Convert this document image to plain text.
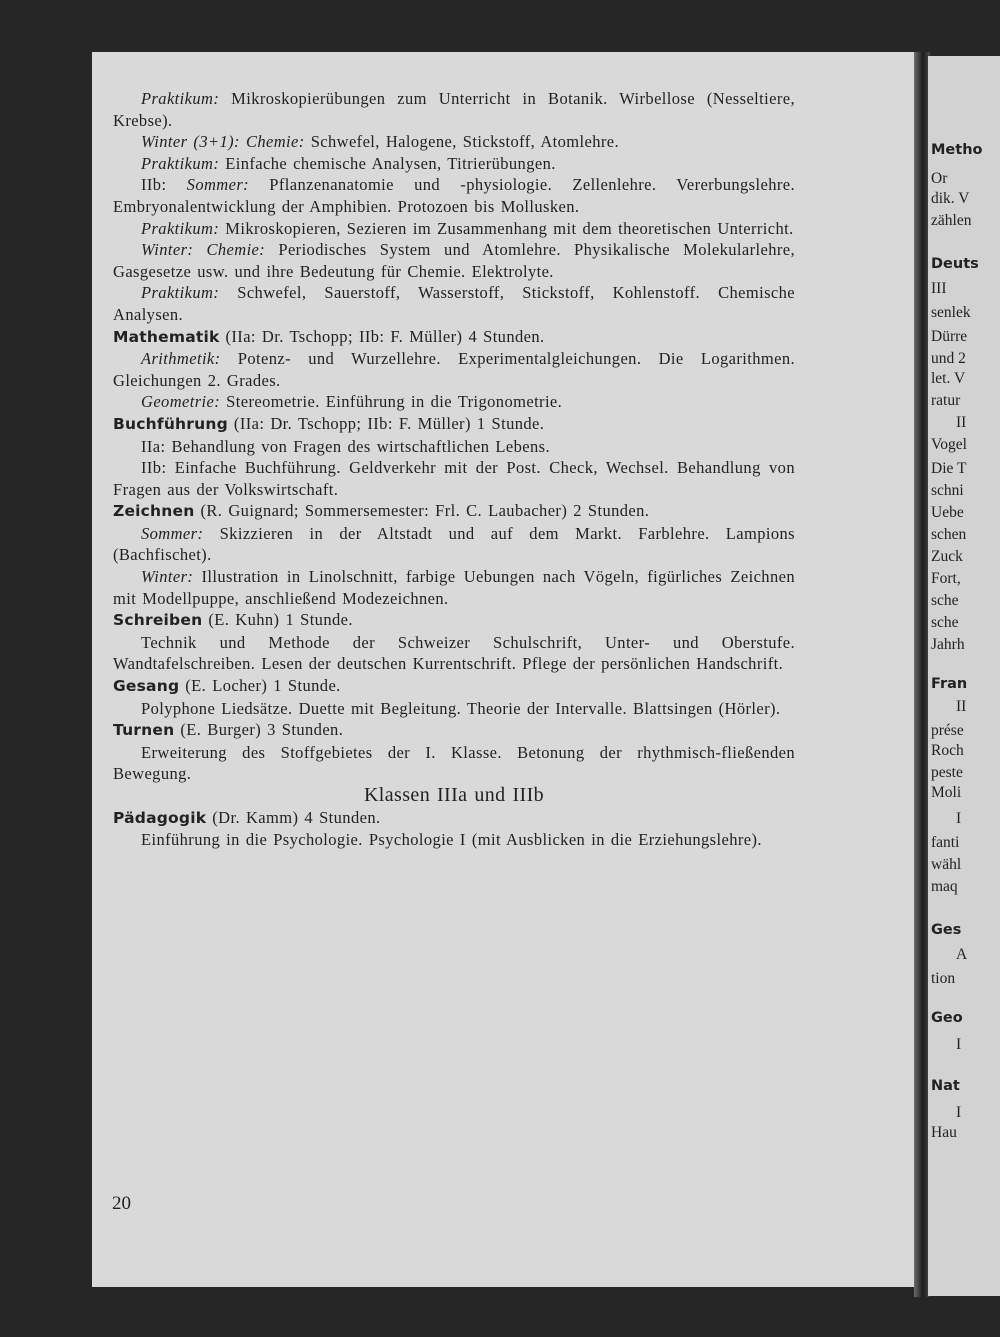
Praktikum: Mikroskopierübungen zum Unterricht in Botanik. Wirbellose (Nesseltiere, Krebse).

Winter (3+1): Chemie: Schwefel, Halogene, Stickstoff, Atomlehre.

Praktikum: Einfache chemische Analysen, Titrierübungen.

IIb: Sommer: Pflanzenanatomie und -physiologie. Zellenlehre. Vererbungslehre. Embryonalentwicklung der Amphibien. Protozoen bis Mollusken.

Praktikum: Mikroskopieren, Sezieren im Zusammenhang mit dem theoretischen Unterricht.

Winter: Chemie: Periodisches System und Atomlehre. Physikalische Molekularlehre, Gasgesetze usw. und ihre Bedeutung für Chemie. Elektrolyte.

Praktikum: Schwefel, Sauerstoff, Wasserstoff, Stickstoff, Kohlenstoff. Chemische Analysen.

Mathematik (IIa: Dr. Tschopp; IIb: F. Müller) 4 Stunden.

Arithmetik: Potenz- und Wurzellehre. Experimentalgleichungen. Die Logarithmen. Gleichungen 2. Grades.

Geometrie: Stereometrie. Einführung in die Trigonometrie.

Buchführung (IIa: Dr. Tschopp; IIb: F. Müller) 1 Stunde.

IIa: Behandlung von Fragen des wirtschaftlichen Lebens.

IIb: Einfache Buchführung. Geldverkehr mit der Post. Check, Wechsel. Behandlung von Fragen aus der Volkswirtschaft.

Zeichnen (R. Guignard; Sommersemester: Frl. C. Laubacher) 2 Stunden.

Sommer: Skizzieren in der Altstadt und auf dem Markt. Farblehre. Lampions (Bachfischet).

Winter: Illustration in Linolschnitt, farbige Uebungen nach Vögeln, figürliches Zeichnen mit Modellpuppe, anschließend Modezeichnen.

Schreiben (E. Kuhn) 1 Stunde.

Technik und Methode der Schweizer Schulschrift, Unter- und Oberstufe. Wandtafelschreiben. Lesen der deutschen Kurrentschrift. Pflege der persönlichen Handschrift.

Gesang (E. Locher) 1 Stunde.

Polyphone Liedsätze. Duette mit Begleitung. Theorie der Intervalle. Blattsingen (Hörler).

Turnen (E. Burger) 3 Stunden.

Erweiterung des Stoffgebietes der I. Klasse. Betonung der rhythmisch-fließenden Bewegung.

Klassen IIIa und IIIb

Pädagogik (Dr. Kamm) 4 Stunden.

Einführung in die Psychologie. Psychologie I (mit Ausblicken in die Erziehungslehre).

20
Metho
Or
dik. V
zählen
Deuts
III
senlek
Dürre
und 2
let. V
ratur
II
Vogel
Die T
schni
Uebe
schen
Zuck
Fort,
sche
sche
Jahrh
Fran
II
prése
Roch
peste
Moli
I
fanti
wähl
maq
Ges
A
tion
Geo
I
Nat
I
Hau
